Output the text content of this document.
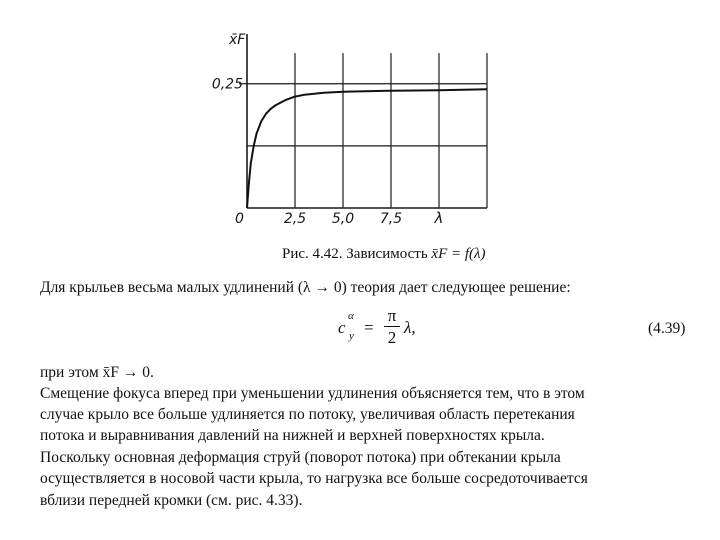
0	2,5 5,0 7,5 λ
0,25
x̄F
Рис. 4.42. Зависимость x̄F = f(λ)
Для крыльев весьма малых удлинений (λ → 0) теория дает следующее решение:
c
α
$y = \frac{\pi}{2} \lambda$,	(4.39)
при этом x̄F → 0.
Смещение фокуса вперед при уменьшении удлинения объясняется тем, что в этом
случае крыло все больше удлиняется по потоку, увеличивая область перетекания
потока и выравнивания давлений на нижней и верхней поверхностях крыла.
Поскольку основная деформация струй (поворот потока) при обтекании крыла
осуществляется в носовой части крыла, то нагрузка все больше сосредоточивается
вблизи передней кромки (см. рис. 4.33).
